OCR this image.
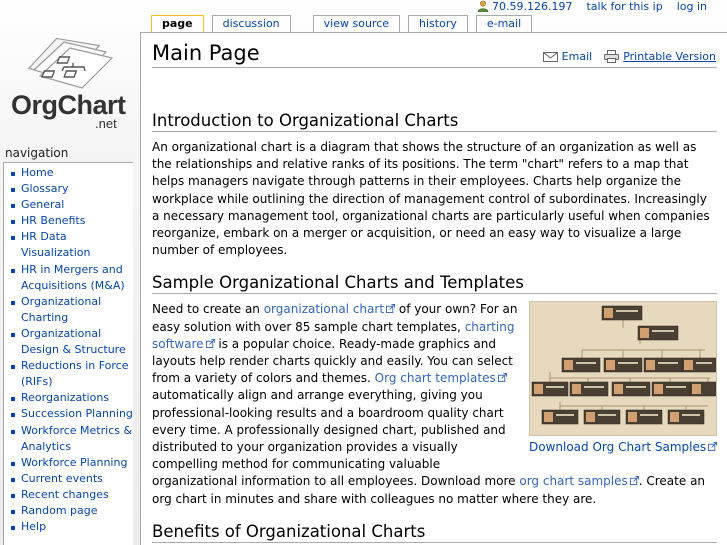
70.59.126.197 talk for this ip log in
page	discussion	view source	history	e-mail
OrgChart
.net
navigation
Home
Glossary
General
HR Benefits
HR Data Visualization
HR in Mergers and Acquisitions (M&A)
Organizational Charting
Organizational Design & Structure
Reductions in Force (RIFs)
Reorganizations
Succession Planning
Workforce Metrics & Analytics
Workforce Planning
Current events
Recent changes
Random page
Help
Main Page	Email	Printable Version
Introduction to Organizational Charts

An organizational chart is a diagram that shows the structure of an organization as well as the relationships and relative ranks of its positions. The term "chart" refers to a map that helps managers navigate through patterns in their employees. Charts help organize the workplace while outlining the direction of management control of subordinates. Increasingly a necessary management tool, organizational charts are particularly useful when companies reorganize, embark on a merger or acquisition, or need an easy way to visualize a large number of employees.

Sample Organizational Charts and Templates
Download Org Chart Samples

Need to create an organizational chart of your own? For an easy solution with over 85 sample chart templates, charting software is a popular choice. Ready-made graphics and layouts help render charts quickly and easily. You can select from a variety of colors and themes. Org chart templates automatically align and arrange everything, giving you professional-looking results and a boardroom quality chart every time. A professionally designed chart, published and distributed to your organization provides a visually compelling method for communicating valuable organizational information to all employees. Download more org chart samples . Create an org chart in minutes and share with colleagues no matter where they are.

Benefits of Organizational Charts
